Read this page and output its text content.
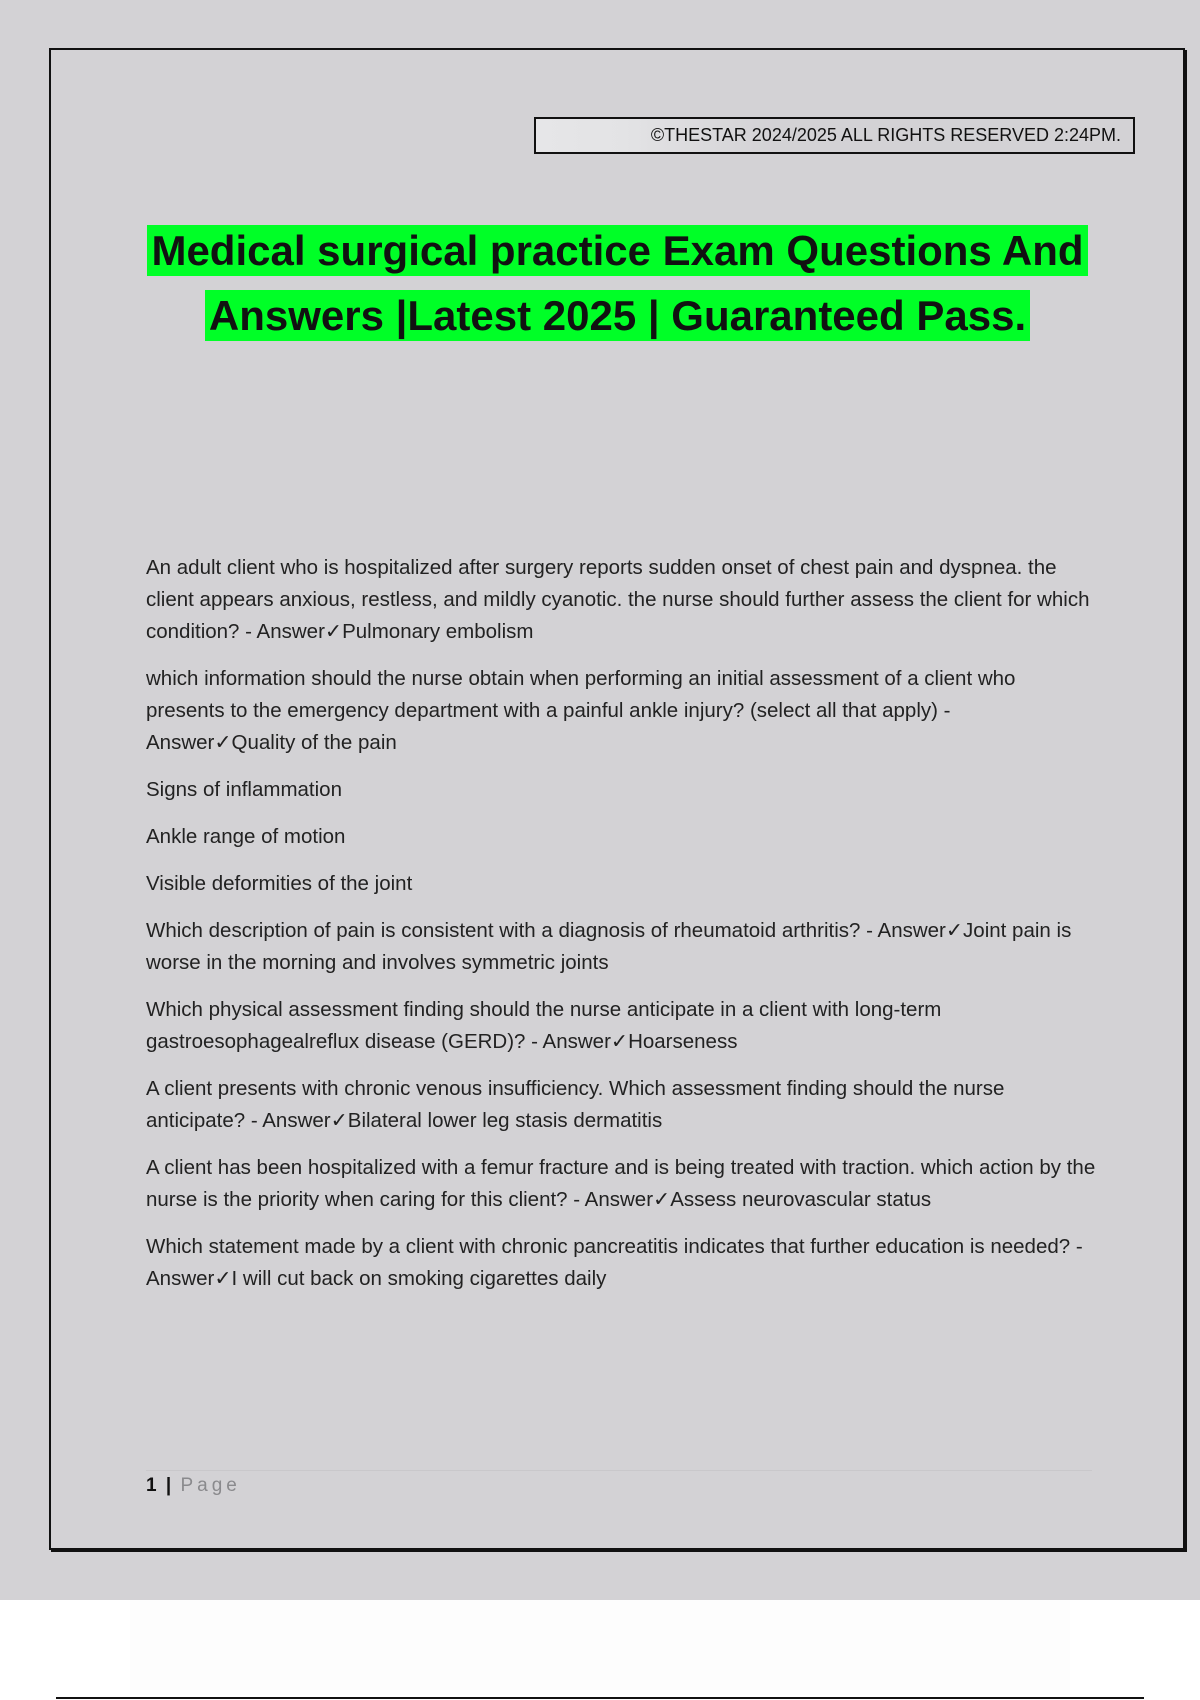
©THESTAR 2024/2025 ALL RIGHTS RESERVED 2:24PM.
Medical surgical practice Exam Questions And
Answers |Latest 2025 | Guaranteed Pass.

An adult client who is hospitalized after surgery reports sudden onset of chest pain and dyspnea. the client appears anxious, restless, and mildly cyanotic. the nurse should further assess the client for which condition? - Answer✓Pulmonary embolism

which information should the nurse obtain when performing an initial assessment of a client who presents to the emergency department with a painful ankle injury? (select all that apply) - Answer✓Quality of the pain

Signs of inflammation

Ankle range of motion

Visible deformities of the joint

Which description of pain is consistent with a diagnosis of rheumatoid arthritis? - Answer✓Joint pain is worse in the morning and involves symmetric joints

Which physical assessment finding should the nurse anticipate in a client with long-term gastroesophagealreflux disease (GERD)? - Answer✓Hoarseness

A client presents with chronic venous insufficiency. Which assessment finding should the nurse anticipate? - Answer✓Bilateral lower leg stasis dermatitis

A client has been hospitalized with a femur fracture and is being treated with traction. which action by the nurse is the priority when caring for this client? - Answer✓Assess neurovascular status

Which statement made by a client with chronic pancreatitis indicates that further education is needed? - Answer✓I will cut back on smoking cigarettes daily

1 | Page
